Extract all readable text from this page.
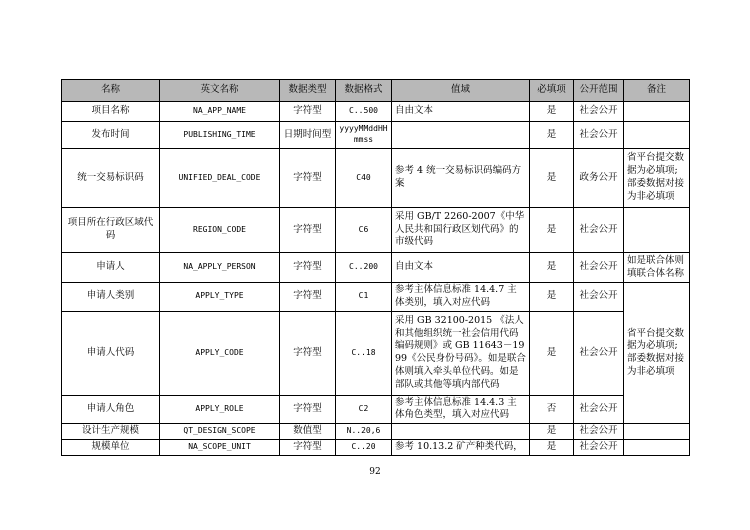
名称	英文名称	数据类型	数据格式	值域	必填项	公开范围	备注
项目名称	NA_APP_NAME	字符型	C..500	自由文本	是	社会公开	
发布时间	PUBLISHING_TIME	日期时间型	yyyyMMddHHmmss		是	社会公开	
统一交易标识码	UNIFIED_DEAL_CODE	字符型	C40	参考 4 统一交易标识码编码方案	是	政务公开	省平台提交数据为必填项;部委数据对接为非必填项
项目所在行政区域代码	REGION_CODE	字符型	C6	采用 GB/T 2260-2007《中华人民共和国行政区划代码》的市级代码	是	社会公开	
申请人	NA_APPLY_PERSON	字符型	C..200	自由文本	是	社会公开	如是联合体则填联合体名称
申请人类别	APPLY_TYPE	字符型	C1	参考主体信息标准 14.4.7 主体类别，填入对应代码	是	社会公开	省平台提交数据为必填项;部委数据对接为非必填项
申请人代码	APPLY_CODE	字符型	C..18	采用 GB 32100-2015 《法人和其他组织统一社会信用代码编码规则》或 GB 11643－1999《公民身份号码》。如是联合体则填入牵头单位代码。如是部队或其他等填内部代码	是	社会公开	
申请人角色	APPLY_ROLE	字符型	C2	参考主体信息标准 14.4.3 主体角色类型，填入对应代码	否	社会公开	
设计生产规模	QT_DESIGN_SCOPE	数值型	N..20,6		是	社会公开	
规模单位	NA_SCOPE_UNIT	字符型	C..20	参考 10.13.2 矿产种类代码，	是	社会公开	
92
